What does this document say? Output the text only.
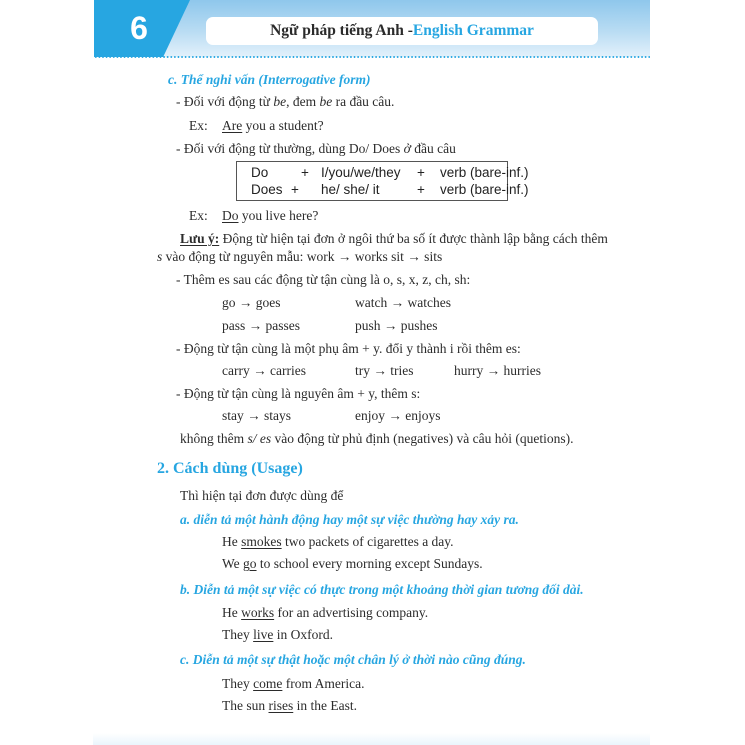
6	Ngữ pháp tiếng Anh - English Grammar
c. Thể nghi vấn (Interrogative form)
- Đối với động từ be, đem be ra đầu câu.
Ex: Are you a student?
- Đối với động từ thường, dùng Do/ Does ở đầu câu
Do + I/you/we/they + verb (bare-inf.)
Does + he/ she/ it	+ verb (bare-inf.)
Ex: Do you live here?
Lưu ý: Động từ hiện tại đơn ở ngôi thứ ba số ít được thành lập bằng cách thêm
s vào động từ nguyên mẫu: work → works sit → sits
- Thêm es sau các động từ tận cùng là o, s, x, z, ch, sh:
go → goes	watch → watches
pass → passes	push → pushes
- Động từ tận cùng là một phụ âm + y. đổi y thành i rồi thêm es:
carry → carries	try → tries	hurry → hurries
- Động từ tận cùng là nguyên âm + y, thêm s:
stay → stays	enjoy → enjoys
không thêm s/ es vào động từ phủ định (negatives) và câu hỏi (quetions).
2. Cách dùng (Usage)
Thì hiện tại đơn được dùng để
a. diễn tả một hành động hay một sự việc thường hay xảy ra.
He smokes two packets of cigarettes a day.
We go to school every morning except Sundays.
b. Diễn tả một sự việc có thực trong một khoảng thời gian tương đối dài.
He works for an advertising company.
They live in Oxford.
c. Diễn tả một sự thật hoặc một chân lý ở thời nào cũng đúng.
They come from America.
The sun rises in the East.
